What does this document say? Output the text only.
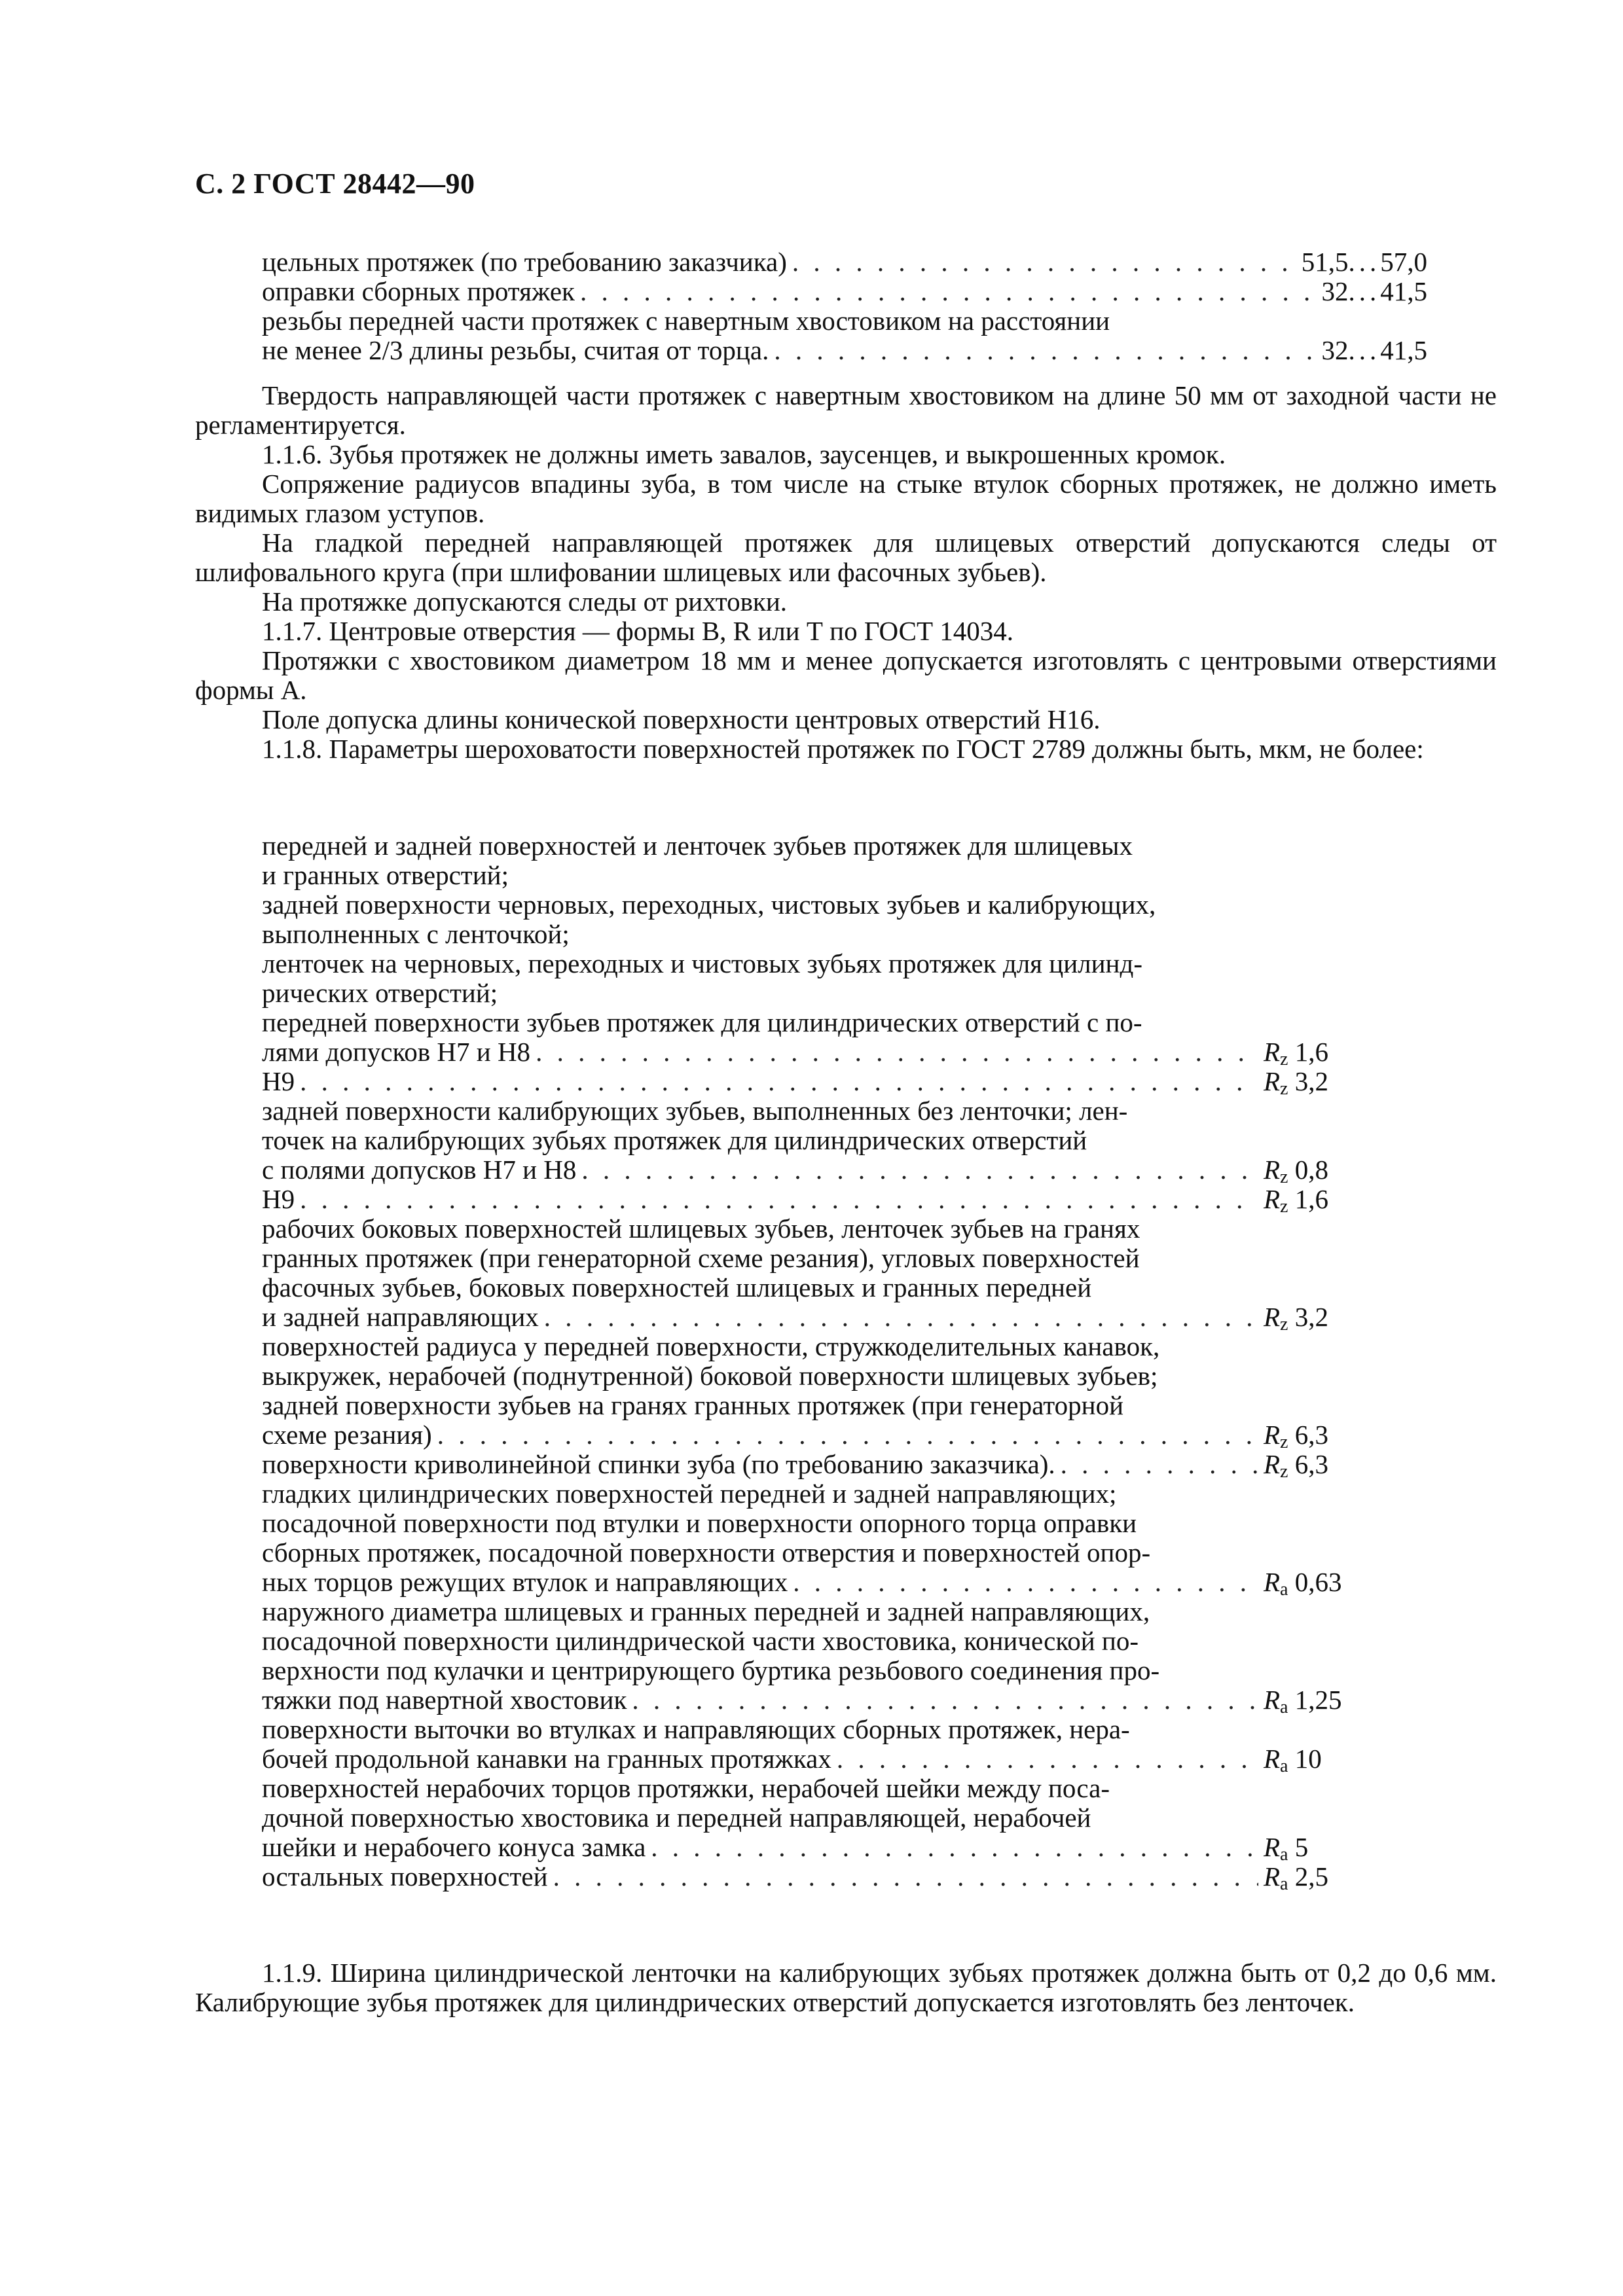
С. 2 ГОСТ 28442—90
цельных протяжек (по требованию заказчика) . . .	51,5 ... 57,0
оправки сборных протяжек . . .	32 ... 41,5
резьбы передней части протяжек с навертным хвостовиком на расстоянии
не менее 2/3 длины резьбы, считая от торца. . . .	32 ... 41,5

Твердость направляющей части протяжек с навертным хвостовиком на длине 50 мм от заходной части не регламентируется.

1.1.6. Зубья протяжек не должны иметь завалов, заусенцев, и выкрошенных кромок.

Сопряжение радиусов впадины зуба, в том числе на стыке втулок сборных протяжек, не должно иметь видимых глазом уступов.

На гладкой передней направляющей протяжек для шлицевых отверстий допускаются следы от шлифовального круга (при шлифовании шлицевых или фасочных зубьев).

На протяжке допускаются следы от рихтовки.

1.1.7. Центровые отверстия — формы В, R или Т по ГОСТ 14034.

Протяжки с хвостовиком диаметром 18 мм и менее допускается изготовлять с центровыми отверстиями формы А.

Поле допуска длины конической поверхности центровых отверстий Н16.

1.1.8. Параметры шероховатости поверхностей протяжек по ГОСТ 2789 должны быть, мкм, не более:

передней и задней поверхностей и ленточек зубьев протяжек для шлицевых
и гранных отверстий;
задней поверхности черновых, переходных, чистовых зубьев и калибрующих,
выполненных с ленточкой;
ленточек на черновых, переходных и чистовых зубьях протяжек для цилинд-
рических отверстий;
передней поверхности зубьев протяжек для цилиндрических отверстий с по-
лями допусков Н7 и Н8 . . .	$R_z$ 1,6
Н9 . . .	$R_z$ 3,2
задней поверхности калибрующих зубьев, выполненных без ленточки; лен-
точек на калибрующих зубьях протяжек для цилиндрических отверстий
с полями допусков Н7 и Н8 . . .	$R_z$ 0,8
Н9 . . .	$R_z$ 1,6
рабочих боковых поверхностей шлицевых зубьев, ленточек зубьев на гранях
гранных протяжек (при генераторной схеме резания), угловых поверхностей
фасочных зубьев, боковых поверхностей шлицевых и гранных передней
и задней направляющих . . .	$R_z$ 3,2
поверхностей радиуса у передней поверхности, стружкоделительных канавок,
выкружек, нерабочей (поднутренной) боковой поверхности шлицевых зубьев;
задней поверхности зубьев на гранях гранных протяжек (при генераторной
схеме резания) . . .	$R_z$ 6,3
поверхности криволинейной спинки зуба (по требованию заказчика). . . .	$R_z$ 6,3
гладких цилиндрических поверхностей передней и задней направляющих;
посадочной поверхности под втулки и поверхности опорного торца оправки
сборных протяжек, посадочной поверхности отверстия и поверхностей опор-
ных торцов режущих втулок и направляющих . . .	$R_a$ 0,63
наружного диаметра шлицевых и гранных передней и задней направляющих,
посадочной поверхности цилиндрической части хвостовика, конической по-
верхности под кулачки и центрирующего буртика резьбового соединения про-
тяжки под навертной хвостовик . . .	$R_a$ 1,25
поверхности выточки во втулках и направляющих сборных протяжек, нера-
бочей продольной канавки на гранных протяжках . . .	$R_a$ 10
поверхностей нерабочих торцов протяжки, нерабочей шейки между поса-
дочной поверхностью хвостовика и передней направляющей, нерабочей
шейки и нерабочего конуса замка . . .	$R_a$ 5
остальных поверхностей . . .	$R_a$ 2,5

1.1.9. Ширина цилиндрической ленточки на калибрующих зубьях протяжек должна быть от 0,2 до 0,6 мм. Калибрующие зубья протяжек для цилиндрических отверстий допускается изготовлять без ленточек.
